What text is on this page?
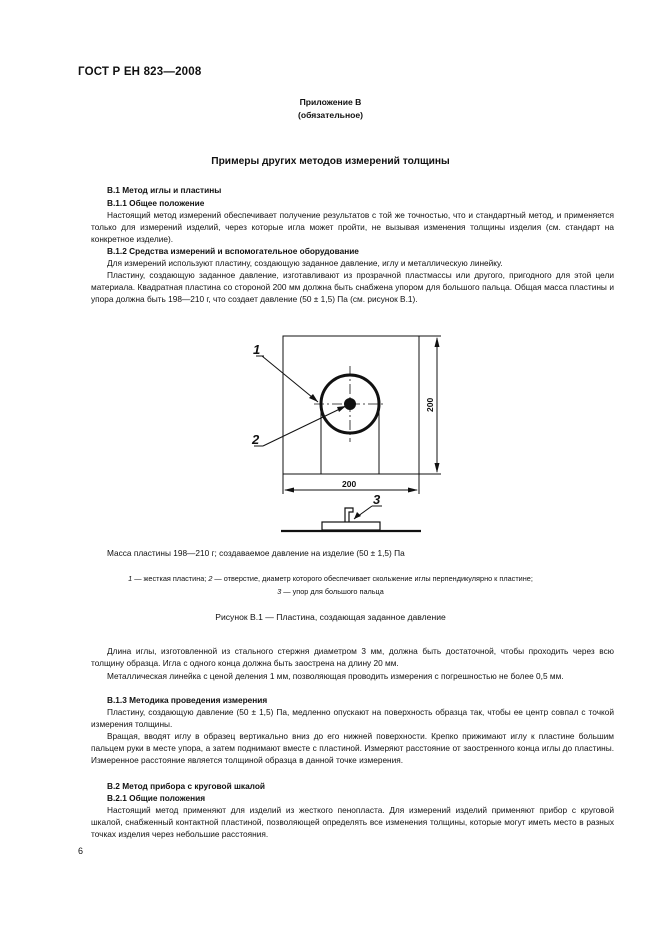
ГОСТ Р ЕН 823—2008
Приложение В
(обязательное)
Примеры других методов измерений толщины
В.1 Метод иглы и пластины
В.1.1 Общее положение

Настоящий метод измерений обеспечивает получение результатов с той же точностью, что и стандартный метод, и применяется только для измерений изделий, через которые игла может пройти, не вызывая изменения толщины изделия (см. стандарт на конкретное изделие).

В.1.2 Средства измерений и вспомогательное оборудование

Для измерений используют пластину, создающую заданное давление, иглу и металлическую линейку.

Пластину, создающую заданное давление, изготавливают из прозрачной пластмассы или другого, пригодного для этой цели материала. Квадратная пластина со стороной 200 мм должна быть снабжена упором для большого пальца. Общая масса пластины и упора должна быть 198—210 г, что создает давление (50 ± 1,5) Па (см. рисунок В.1).

1
2
3
200
200
Масса пластины 198—210 г; создаваемое давление на изделие (50 ± 1,5) Па
1 — жесткая пластина; 2 — отверстие, диаметр которого обеспечивает скольжение иглы перпендикулярно к пластине;
3 — упор для большого пальца
Рисунок В.1 — Пластина, создающая заданное давление

Длина иглы, изготовленной из стального стержня диаметром 3 мм, должна быть достаточной, чтобы проходить через всю толщину образца. Игла с одного конца должна быть заострена на длину 20 мм.

Металлическая линейка с ценой деления 1 мм, позволяющая проводить измерения с погрешностью не более 0,5 мм.

В.1.3 Методика проведения измерения

Пластину, создающую давление (50 ± 1,5) Па, медленно опускают на поверхность образца так, чтобы ее центр совпал с точкой измерения толщины.

Вращая, вводят иглу в образец вертикально вниз до его нижней поверхности. Крепко прижимают иглу к пластине большим пальцем руки в месте упора, а затем поднимают вместе с пластиной. Измеряют расстояние от заостренного конца иглы до пластины. Измеренное расстояние является толщиной образца в данной точке измерения.

В.2 Метод прибора с круговой шкалой
В.2.1 Общие положения

Настоящий метод применяют для изделий из жесткого пенопласта. Для измерений изделий применяют прибор с круговой шкалой, снабженный контактной пластиной, позволяющей определять все изменения толщины, которые могут иметь место в разных точках изделия через небольшие расстояния.

6
